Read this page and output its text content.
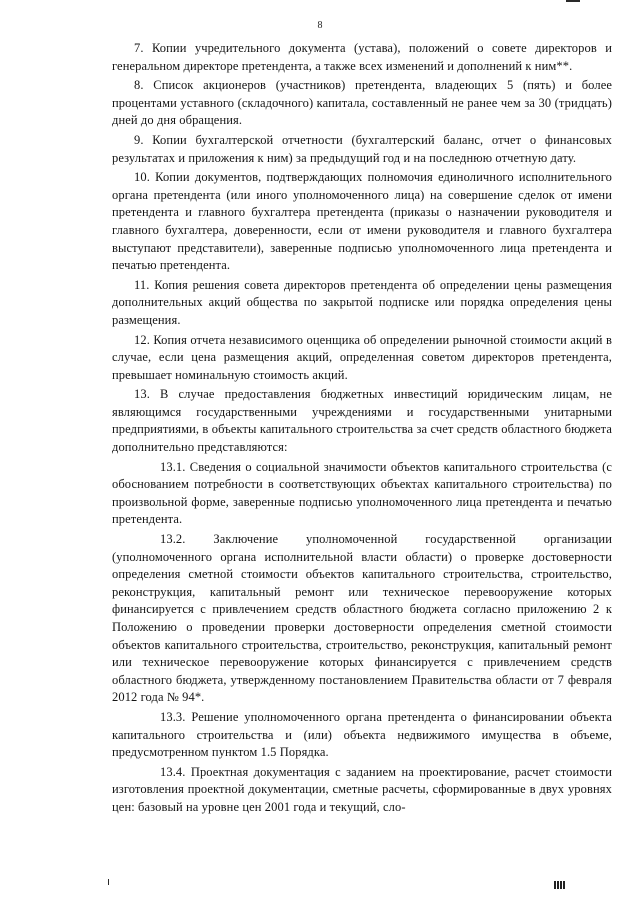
8

7. Копии учредительного документа (устава), положений о совете директоров и генеральном директоре претендента, а также всех изменений и дополнений к ним**.

8. Список акционеров (участников) претендента, владеющих 5 (пять) и более процентами уставного (складочного) капитала, составленный не ранее чем за 30 (тридцать) дней до дня обращения.

9. Копии бухгалтерской отчетности (бухгалтерский баланс, отчет о финансовых результатах и приложения к ним) за предыдущий год и на последнюю отчетную дату.

10. Копии документов, подтверждающих полномочия единоличного исполнительного органа претендента (или иного уполномоченного лица) на совершение сделок от имени претендента и главного бухгалтера претендента (приказы о назначении руководителя и главного бухгалтера, доверенности, если от имени руководителя и главного бухгалтера выступают представители), заверенные подписью уполномоченного лица претендента и печатью претендента.

11. Копия решения совета директоров претендента об определении цены размещения дополнительных акций общества по закрытой подписке или порядка определения цены размещения.

12. Копия отчета независимого оценщика об определении рыночной стоимости акций в случае, если цена размещения акций, определенная советом директоров претендента, превышает номинальную стоимость акций.

13. В случае предоставления бюджетных инвестиций юридическим лицам, не являющимся государственными учреждениями и государственными унитарными предприятиями, в объекты капитального строительства за счет средств областного бюджета дополнительно представляются:

13.1. Сведения о социальной значимости объектов капитального строительства (с обоснованием потребности в соответствующих объектах капитального строительства) по произвольной форме, заверенные подписью уполномоченного лица претендента и печатью претендента.

13.2. Заключение уполномоченной государственной организации (уполномоченного органа исполнительной власти области) о проверке достоверности определения сметной стоимости объектов капитального строительства, строительство, реконструкция, капитальный ремонт или техническое перевооружение которых финансируется с привлечением средств областного бюджета согласно приложению 2 к Положению о проведении проверки достоверности определения сметной стоимости объектов капитального строительства, строительство, реконструкция, капитальный ремонт или техническое перевооружение которых финансируется с привлечением средств областного бюджета, утвержденному постановлением Правительства области от 7 февраля 2012 года № 94*.

13.3. Решение уполномоченного органа претендента о финансировании объекта капитального строительства и (или) объекта недвижимого имущества в объеме, предусмотренном пунктом 1.5 Порядка.

13.4. Проектная документация с заданием на проектирование, расчет стоимости изготовления проектной документации, сметные расчеты, сформированные в двух уровнях цен: базовый на уровне цен 2001 года и текущий, сло-
